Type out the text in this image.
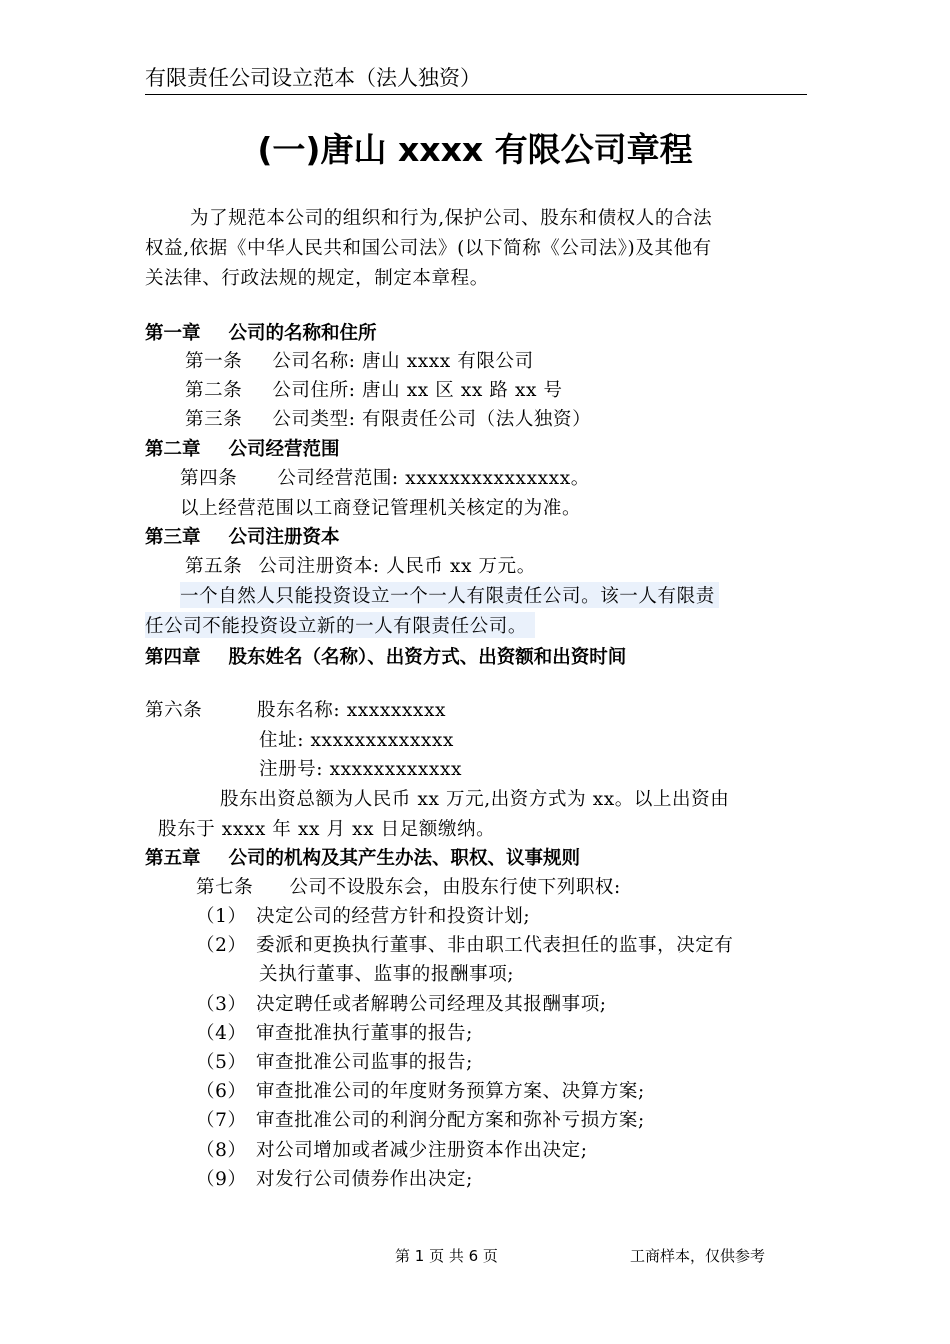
有限责任公司设立范本（法人独资）
(一)唐山 xxxx 有限公司章程
为了规范本公司的组织和行为,保护公司、股东和债权人的合法
权益,依据《中华人民共和国公司法》(以下简称《公司法》)及其他有
关法律、行政法规的规定，制定本章程。
第一章 公司的名称和住所
第一条 公司名称: 唐山 xxxx 有限公司
第二条 公司住所: 唐山 xx 区 xx 路 xx 号
第三条 公司类型: 有限责任公司（法人独资）
第二章 公司经营范围
第四条 公司经营范围: xxxxxxxxxxxxxxx。
以上经营范围以工商登记管理机关核定的为准。
第三章 公司注册资本
第五条 公司注册资本: 人民币 xx 万元。
一个自然人只能投资设立一个一人有限责任公司。该一人有限责
任公司不能投资设立新的一人有限责任公司。
第四章 股东姓名（名称）、出资方式、出资额和出资时间
第六条	股东名称: xxxxxxxxx
住址: xxxxxxxxxxxxx
注册号: xxxxxxxxxxxx
股东出资总额为人民币 xx 万元,出资方式为 xx。以上出资由
股东于 xxxx 年 xx 月 xx 日足额缴纳。
第五章 公司的机构及其产生办法、职权、议事规则
第七条 公司不设股东会，由股东行使下列职权:
（1） 决定公司的经营方针和投资计划;
（2） 委派和更换执行董事、非由职工代表担任的监事，决定有
关执行董事、监事的报酬事项;
（3） 决定聘任或者解聘公司经理及其报酬事项;
（4） 审查批准执行董事的报告;
（5） 审查批准公司监事的报告;
（6） 审查批准公司的年度财务预算方案、决算方案;
（7） 审查批准公司的利润分配方案和弥补亏损方案;
（8） 对公司增加或者减少注册资本作出决定;
（9） 对发行公司债券作出决定;
第 1 页 共 6 页	工商样本，仅供参考
